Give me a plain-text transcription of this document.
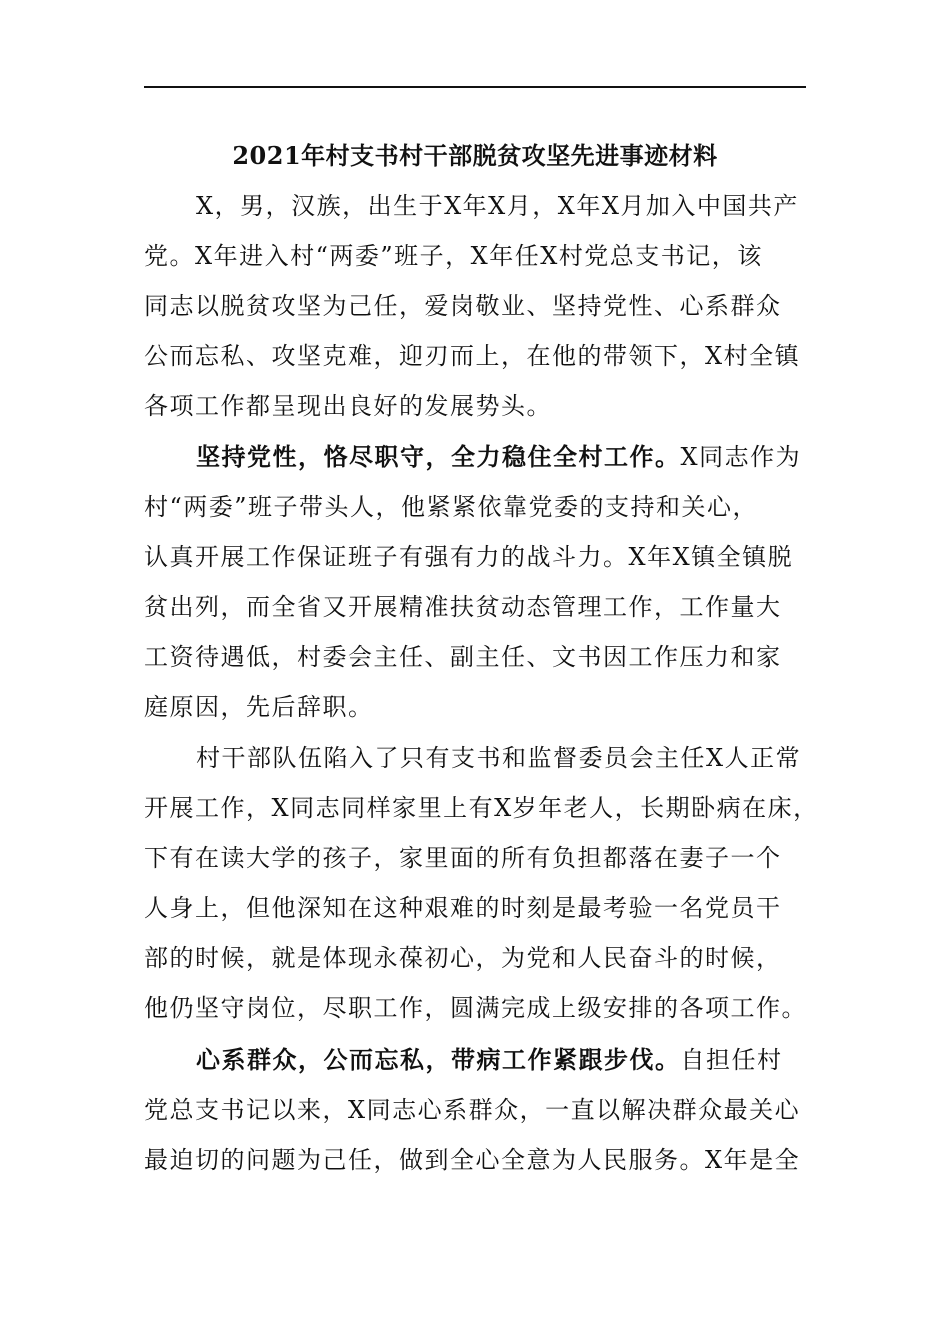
2021年村支书村干部脱贫攻坚先进事迹材料
X，男，汉族，出生于X年X月，X年X月加入中国共产
党。X年进入村“两委”班子，X年任X村党总支书记，该
同志以脱贫攻坚为己任，爱岗敬业、坚持党性、心系群众
公而忘私、攻坚克难，迎刃而上，在他的带领下，X村全镇
各项工作都呈现出良好的发展势头。
坚持党性，恪尽职守，全力稳住全村工作。X同志作为
村“两委”班子带头人，他紧紧依靠党委的支持和关心，
认真开展工作保证班子有强有力的战斗力。X年X镇全镇脱
贫出列，而全省又开展精准扶贫动态管理工作，工作量大
工资待遇低，村委会主任、副主任、文书因工作压力和家
庭原因，先后辞职。
村干部队伍陷入了只有支书和监督委员会主任X人正常
开展工作，X同志同样家里上有X岁年老人，长期卧病在床，
下有在读大学的孩子，家里面的所有负担都落在妻子一个
人身上，但他深知在这种艰难的时刻是最考验一名党员干
部的时候，就是体现永葆初心，为党和人民奋斗的时候，
他仍坚守岗位，尽职工作，圆满完成上级安排的各项工作。
心系群众，公而忘私，带病工作紧跟步伐。自担任村
党总支书记以来，X同志心系群众，一直以解决群众最关心
最迫切的问题为己任，做到全心全意为人民服务。X年是全
